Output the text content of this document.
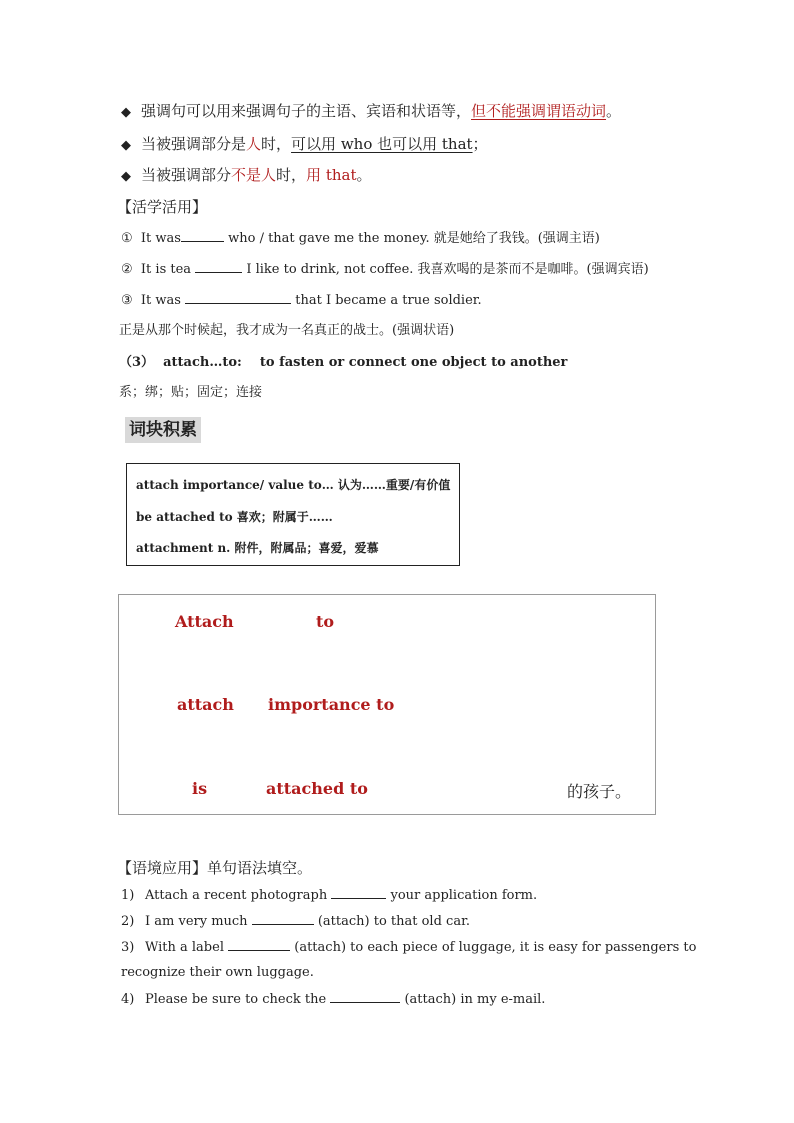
◆ 强调句可以用来强调句子的主语、宾语和状语等，但不能强调谓语动词。
◆ 当被强调部分是人时，可以用 who 也可以用 that；
◆ 当被强调部分不是人时，用 that。
【活学活用】
① It was	who / that gave me the money. 就是她给了我钱。(强调主语)
② It is tea	I like to drink, not coffee. 我喜欢喝的是茶而不是咖啡。(强调宾语)
③ It was	that I became a true soldier.
正是从那个时候起，我才成为一名真正的战士。(强调状语)
（3） attach…to: to fasten or connect one object to another
系；绑；贴；固定；连接
词块积累
attach importance/ value to… 认为……重要/有价值
be attached to 喜欢；附属于……
attachment n. 附件，附属品；喜爱，爱慕
Attach	to
attach importance to
is	attached to	的孩子。
【语境应用】单句语法填空。
1) Attach a recent photograph	your application form.
2) I am very much	(attach) to that old car.
3) With a label	(attach) to each piece of luggage, it is easy for passengers to
recognize their own luggage.
4) Please be sure to check the	(attach) in my e-mail.
